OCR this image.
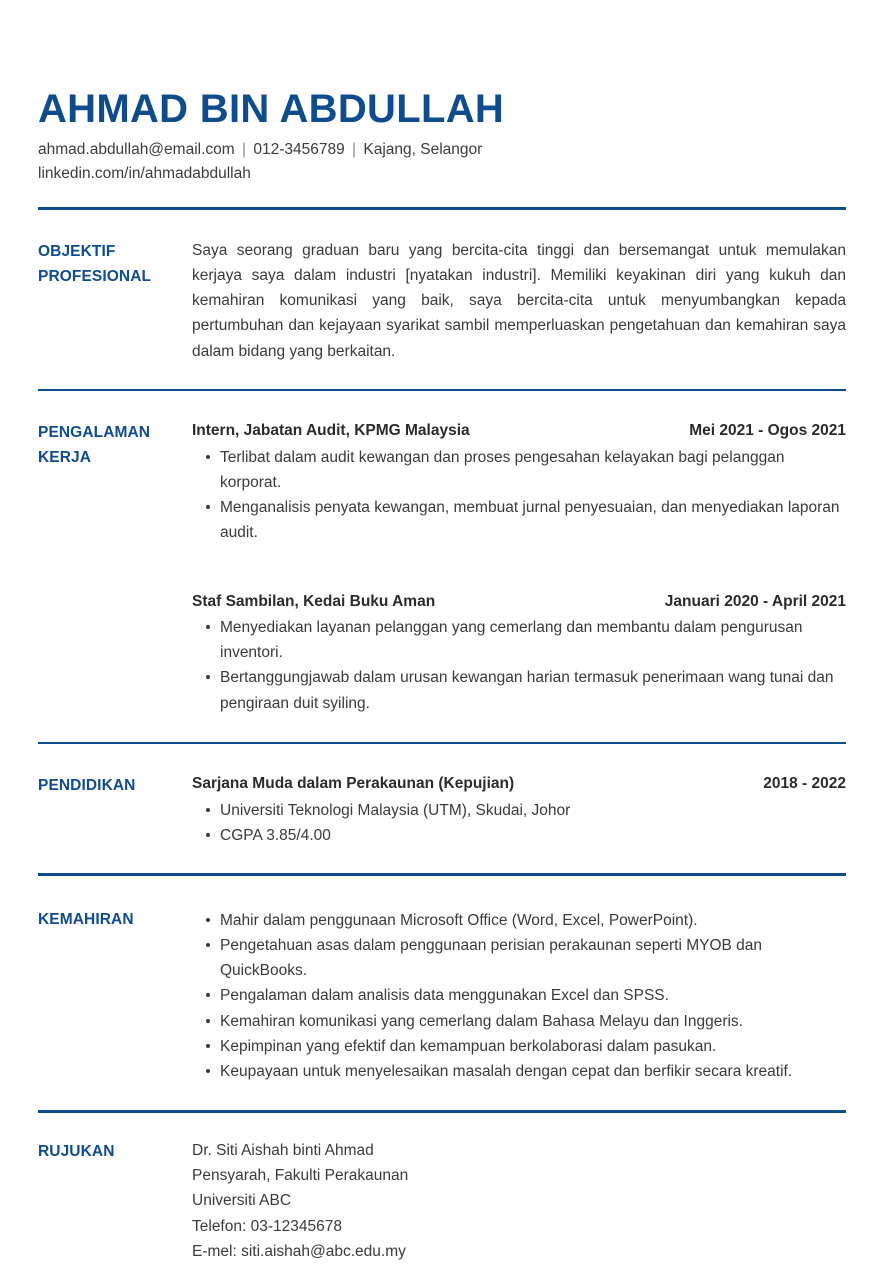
AHMAD BIN ABDULLAH
ahmad.abdullah@email.com | 012-3456789 | Kajang, Selangor
linkedin.com/in/ahmadabdullah
OBJEKTIF
PROFESIONAL

Saya seorang graduan baru yang bercita-cita tinggi dan bersemangat untuk memulakan kerjaya saya dalam industri [nyatakan industri]. Memiliki keyakinan diri yang kukuh dan kemahiran komunikasi yang baik, saya bercita-cita untuk menyumbangkan kepada pertumbuhan dan kejayaan syarikat sambil memperluaskan pengetahuan dan kemahiran saya dalam bidang yang berkaitan.

PENGALAMAN
KERJA
Intern, Jabatan Audit, KPMG Malaysia	Mei 2021 - Ogos 2021
Terlibat dalam audit kewangan dan proses pengesahan kelayakan bagi pelanggan korporat.
Menganalisis penyata kewangan, membuat jurnal penyesuaian, dan menyediakan laporan audit.
Staf Sambilan, Kedai Buku Aman	Januari 2020 - April 2021
Menyediakan layanan pelanggan yang cemerlang dan membantu dalam pengurusan inventori.
Bertanggungjawab dalam urusan kewangan harian termasuk penerimaan wang tunai dan pengiraan duit syiling.
PENDIDIKAN	Sarjana Muda dalam Perakaunan (Kepujian)	2018 - 2022
Universiti Teknologi Malaysia (UTM), Skudai, Johor
CGPA 3.85/4.00
KEMAHIRAN	Mahir dalam penggunaan Microsoft Office (Word, Excel, PowerPoint).
Pengetahuan asas dalam penggunaan perisian perakaunan seperti MYOB dan QuickBooks.
Pengalaman dalam analisis data menggunakan Excel dan SPSS.
Kemahiran komunikasi yang cemerlang dalam Bahasa Melayu dan Inggeris.
Kepimpinan yang efektif dan kemampuan berkolaborasi dalam pasukan.
Keupayaan untuk menyelesaikan masalah dengan cepat dan berfikir secara kreatif.
RUJUKAN	Dr. Siti Aishah binti Ahmad
Pensyarah, Fakulti Perakaunan
Universiti ABC
Telefon: 03-12345678
E-mel: siti.aishah@abc.edu.my
